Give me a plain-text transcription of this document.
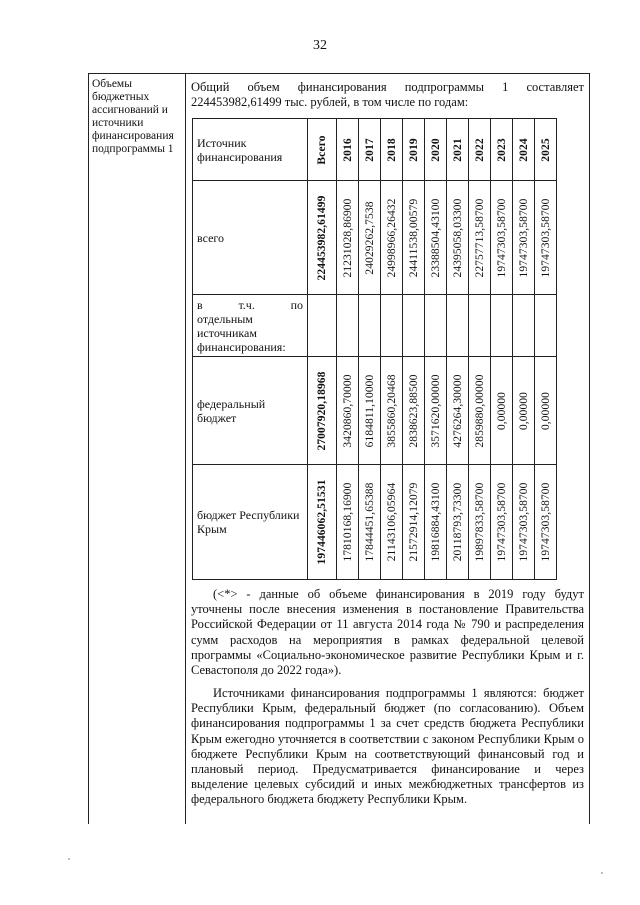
32
Объемы
бюджетных
ассигнований и
источники
финансирования
подпрограммы 1
Общий объем финансирования подпрограммы 1 составляет
224453982,61499 тыс. рублей, в том числе по годам:
(<*> - данные об объеме финансирования в 2019 году будут уточнены после внесения изменения в постановление Правительства Российской Федерации от 11 августа 2014 года № 790 и распределения сумм расходов на мероприятия в рамках федеральной целевой программы «Социально-экономическое развитие Республики Крым и г. Севастополя до 2022 года»).
Источниками финансирования подпрограммы 1 являются: бюджет Республики Крым, федеральный бюджет (по согласованию). Объем финансирования подпрограммы 1 за счет средств бюджета Республики Крым ежегодно уточняется в соответствии с законом Республики Крым о бюджете Республики Крым на соответствующий финансовый год и плановый период. Предусматривается финансирование и через выделение целевых субсидий и иных межбюджетных трансфертов из федерального бюджета бюджету Республики Крым.
Источник финансирования	Всего	2016	2017	2018	2019	2020	2021	2022	2023	2024	2025

всего	224453982,61499	21231028,86900	24029262,7538	24998966,26432	24411538,00579	23388504,43100	24395058,03300	22757713,58700	19747303,58700	19747303,58700	19747303,58700

в т.ч. по
отдельным источникам финансирования:											

федеральный бюджет	27007920,18968	3420860,70000	6184811,10000	3855860,20468	2838623,88500	3571620,00000	4276264,30000	2859880,00000	0,00000	0,00000	0,00000

бюджет Республики Крым	197446062,51531	17810168,16900	17844451,65388	21143106,05964	21572914,12079	19816884,43100	20118793,73300	19897833,58700	19747303,58700	19747303,58700	19747303,58700
